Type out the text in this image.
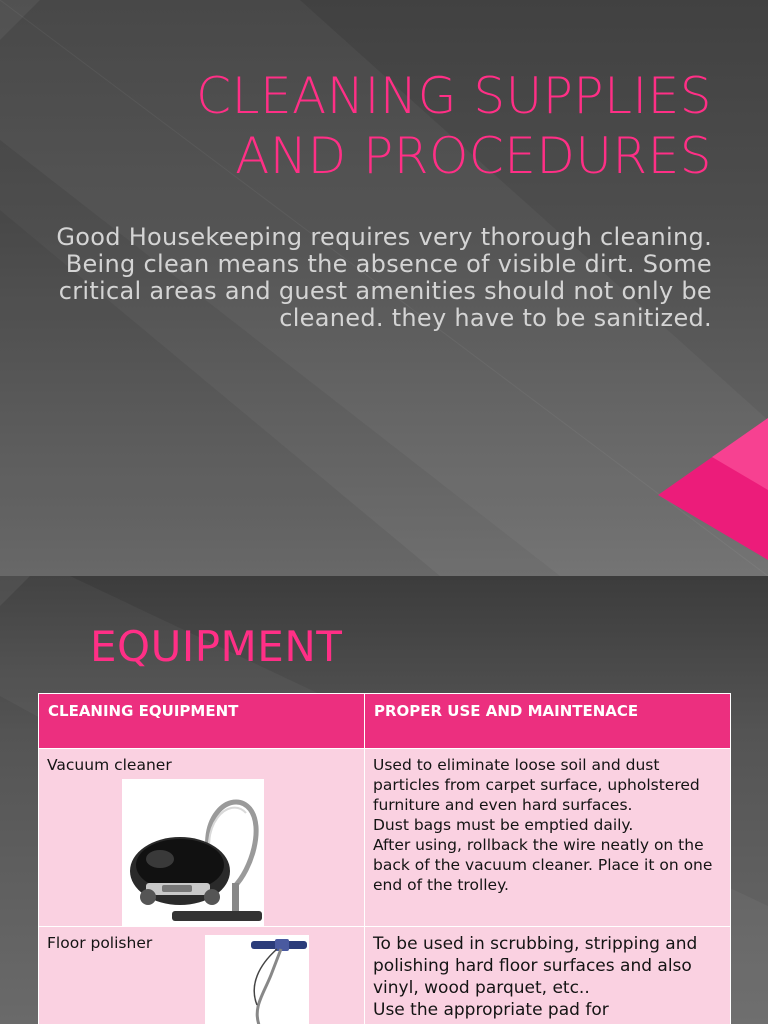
CLEANING SUPPLIES AND PROCEDURES
Good Housekeeping requires very thorough cleaning. Being clean means the absence of visible dirt. Some critical areas and guest amenities should not only be cleaned. they have to be sanitized.
EQUIPMENT
CLEANING EQUIPMENT	PROPER USE AND MAINTENACE

Vacuum cleaner	Used to eliminate loose soil and dust particles from carpet surface, upholstered furniture and even hard surfaces.
Dust bags must be emptied daily.
After using, rollback the wire neatly on the back of the vacuum cleaner. Place it on one end of the trolley.

Floor polisher	To be used in scrubbing, stripping and polishing hard floor surfaces and also vinyl, wood parquet, etc..
Use the appropriate pad for
